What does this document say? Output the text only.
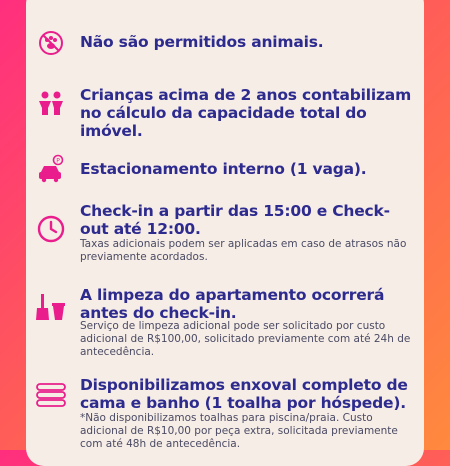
Não são permitidos animais.
Crianças acima de 2 anos contabilizam no cálculo da capacidade total do imóvel.
P Estacionamento interno (1 vaga).
Check-in a partir das 15:00 e Check-out até 12:00.
Taxas adicionais podem ser aplicadas em caso de atrasos não previamente acordados.
A limpeza do apartamento ocorrerá antes do check-in.
Serviço de limpeza adicional pode ser solicitado por custo adicional de R$100,00, solicitado previamente com até 24h de antecedência.
Disponibilizamos enxoval completo de cama e banho (1 toalha por hóspede).
*Não disponibilizamos toalhas para piscina/praia. Custo adicional de R$10,00 por peça extra, solicitada previamente com até 48h de antecedência.
